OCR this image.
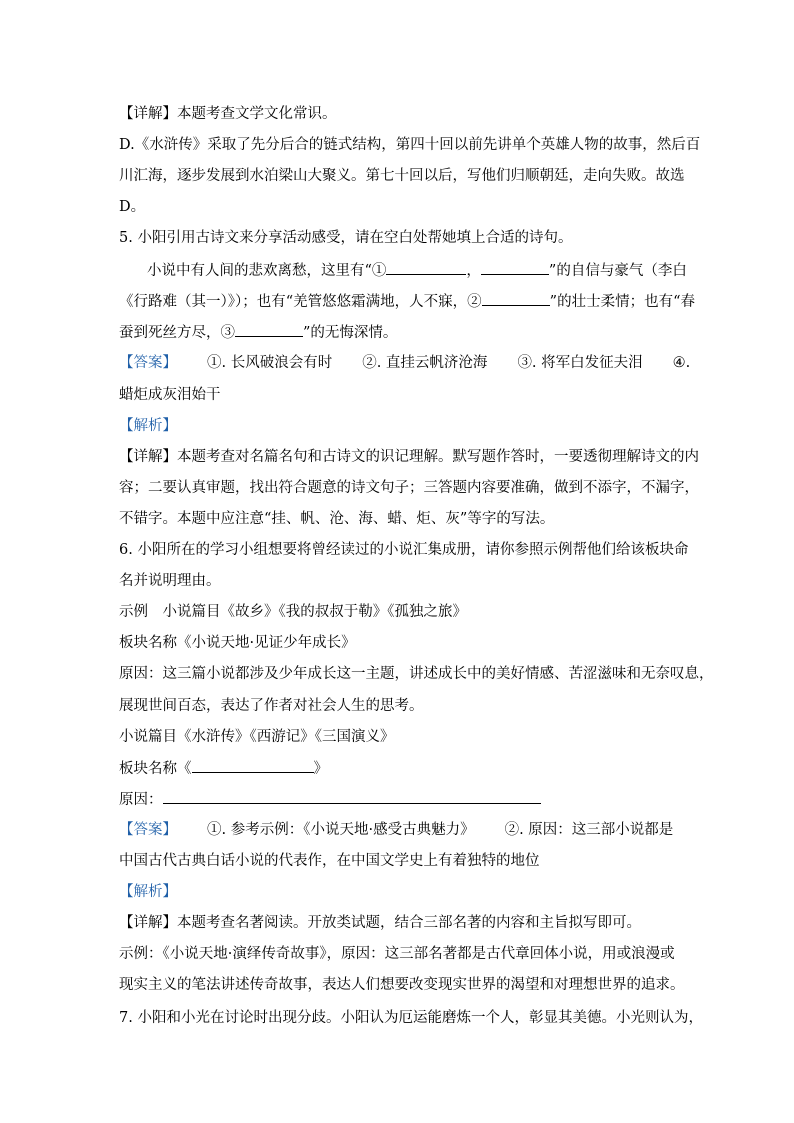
【详解】本题考查文学文化常识。
D.《水浒传》采取了先分后合的链式结构，第四十回以前先讲单个英雄人物的故事，然后百
川汇海，逐步发展到水泊梁山大聚义。第七十回以后，写他们归顺朝廷，走向失败。故选
D。
5. 小阳引用古诗文来分享活动感受，请在空白处帮她填上合适的诗句。
小说中有人间的悲欢离愁，这里有“①	，	”的自信与豪气（李白
《行路难（其一）》）；也有“羌管悠悠霜满地，人不寐，②	”的壮士柔情；也有“春
蚕到死丝方尽，③	”的无悔深情。
【答案】 ①. 长风破浪会有时 ②. 直挂云帆济沧海 ③. 将军白发征夫泪 ④.
蜡炬成灰泪始干
【解析】
【详解】本题考查对名篇名句和古诗文的识记理解。默写题作答时，一要透彻理解诗文的内
容；二要认真审题，找出符合题意的诗文句子；三答题内容要准确，做到不添字，不漏字，
不错字。本题中应注意“挂、帆、沧、海、蜡、炬、灰”等字的写法。
6. 小阳所在的学习小组想要将曾经读过的小说汇集成册，请你参照示例帮他们给该板块命
名并说明理由。
示例　小说篇目《故乡》《我的叔叔于勒》《孤独之旅》
板块名称《小说天地·见证少年成长》
原因：这三篇小说都涉及少年成长这一主题，讲述成长中的美好情感、苦涩滋味和无奈叹息，
展现世间百态，表达了作者对社会人生的思考。
小说篇目《水浒传》《西游记》《三国演义》
板块名称《	》
原因：
【答案】 ①. 参考示例：《小说天地·感受古典魅力》 ②. 原因：这三部小说都是
中国古代古典白话小说的代表作，在中国文学史上有着独特的地位
【解析】
【详解】本题考查名著阅读。开放类试题，结合三部名著的内容和主旨拟写即可。
示例：《小说天地·演绎传奇故事》，原因：这三部名著都是古代章回体小说，用或浪漫或
现实主义的笔法讲述传奇故事，表达人们想要改变现实世界的渴望和对理想世界的追求。
7. 小阳和小光在讨论时出现分歧。小阳认为厄运能磨炼一个人，彰显其美德。小光则认为，
